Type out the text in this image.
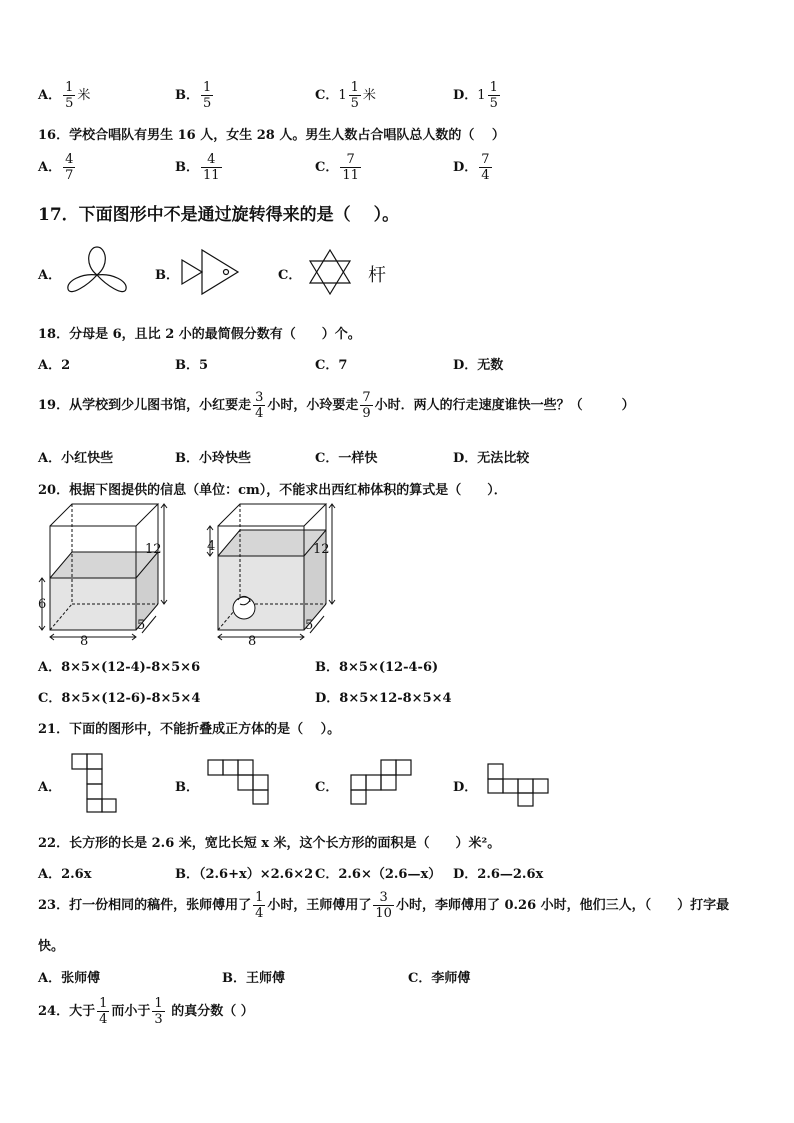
A． $\frac{1}{5}$ 米	B． $\frac{1}{5}$	C．$1 \frac{1}{5}$ 米	D．$1 \frac{1}{5}$
16．学校合唱队有男生 16 人，女生 28 人。男生人数占合唱队总人数的（　 ）
A． $\frac{4}{7}$	B． $\frac{4}{11}$	C． $\frac{7}{11}$	D． $\frac{7}{4}$
17．下面图形中不是通过旋转得来的是（　 ）。
A．	B．	C．	杆
18．分母是 6，且比 2 小的最简假分数有（　　）个。
A．2	B．5	C．7	D．无数
19．从学校到少儿图书馆，小红要走 $\frac{3}{4}$ 小时，小玲要走 $\frac{7}{9}$ 小时．两人的行走速度谁快一些？（　　　）
A．小红快些	B．小玲快些	C．一样快	D．无法比较
20．根据下图提供的信息（单位：cm），不能求出西红柿体积的算式是（　　）．
12
6
8
5
12
4
8
5
A．8×5×(12-4)-8×5×6	B．8×5×(12-4-6)
C．8×5×(12-6)-8×5×4	D．8×5×12-8×5×4
21．下面的图形中，不能折叠成正方体的是（　 ）。
A．	B．	C．	D．
22．长方形的长是 2.6 米，宽比长短 x 米，这个长方形的面积是（　　）米²。
A．2.6x	B．（2.6+x）×2.6×2 C．2.6×（2.6—x） D．2.6—2.6x
23．打一份相同的稿件，张师傅用了 $\frac{1}{4}$ 小时，王师傅用了 $\frac{3}{10}$ 小时，李师傅用了 0.26 小时，他们三人，（　　）打字最
快。
A．张师傅	B．王师傅	C．李师傅
24．大于 $\frac{1}{4}$ 而小于 $\frac{1}{3}$ 的真分数（ ）
